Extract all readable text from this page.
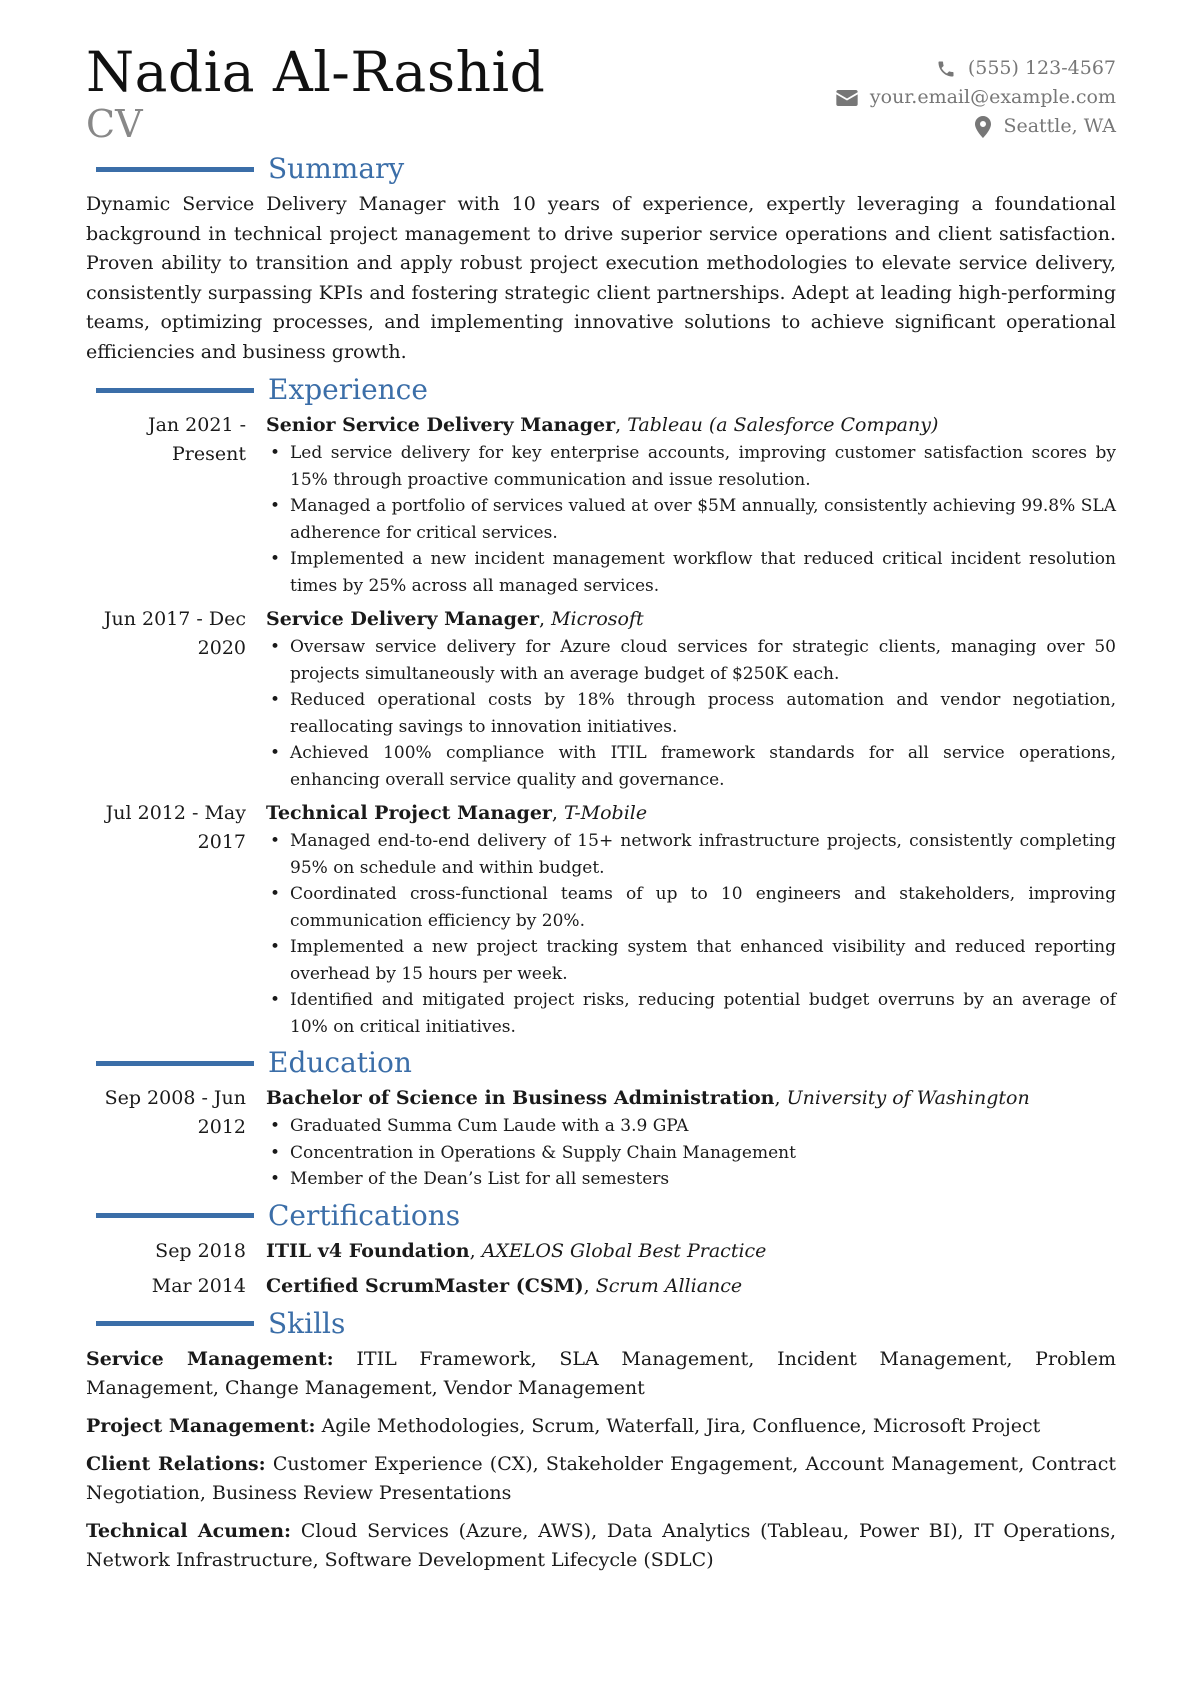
Nadia Al-Rashid
CV
(555) 123-4567
your.email@example.com
Seattle, WA
Summary
Dynamic Service Delivery Manager with 10 years of experience, expertly leveraging a foundational background in technical project management to drive superior service operations and client satisfaction. Proven ability to transition and apply robust project execution methodologies to elevate service delivery, consistently surpassing KPIs and fostering strategic client partnerships. Adept at leading high-performing teams, optimizing processes, and implementing innovative solutions to achieve significant operational efficiencies and business growth.
Experience
Jan 2021 - Present
Senior Service Delivery Manager, Tableau (a Salesforce Company)
• Led service delivery for key enterprise accounts, improving customer satisfaction scores by 15% through proactive communication and issue resolution.
• Managed a portfolio of services valued at over $5M annually, consistently achieving 99.8% SLA adherence for critical services.
• Implemented a new incident management workflow that reduced critical incident resolution times by 25% across all managed services.
Jun 2017 - Dec 2020
Service Delivery Manager, Microsoft
• Oversaw service delivery for Azure cloud services for strategic clients, managing over 50 projects simultaneously with an average budget of $250K each.
• Reduced operational costs by 18% through process automation and vendor negotiation, reallocating savings to innovation initiatives.
• Achieved 100% compliance with ITIL framework standards for all service operations, enhancing overall service quality and governance.
Jul 2012 - May 2017
Technical Project Manager, T-Mobile
• Managed end-to-end delivery of 15+ network infrastructure projects, consistently completing 95% on schedule and within budget.
• Coordinated cross-functional teams of up to 10 engineers and stakeholders, improving communication efficiency by 20%.
• Implemented a new project tracking system that enhanced visibility and reduced reporting overhead by 15 hours per week.
• Identified and mitigated project risks, reducing potential budget overruns by an average of 10% on critical initiatives.
Education
Sep 2008 - Jun 2012
Bachelor of Science in Business Administration, University of Washington
• Graduated Summa Cum Laude with a 3.9 GPA
• Concentration in Operations & Supply Chain Management
• Member of the Dean’s List for all semesters
Certifications
Sep 2018	ITIL v4 Foundation, AXELOS Global Best Practice
Mar 2014	Certified ScrumMaster (CSM), Scrum Alliance
Skills
Service Management: ITIL Framework, SLA Management, Incident Management, Problem Management, Change Management, Vendor Management
Project Management: Agile Methodologies, Scrum, Waterfall, Jira, Confluence, Microsoft Project
Client Relations: Customer Experience (CX), Stakeholder Engagement, Account Management, Contract Negotiation, Business Review Presentations
Technical Acumen: Cloud Services (Azure, AWS), Data Analytics (Tableau, Power BI), IT Operations, Network Infrastructure, Software Development Lifecycle (SDLC)
